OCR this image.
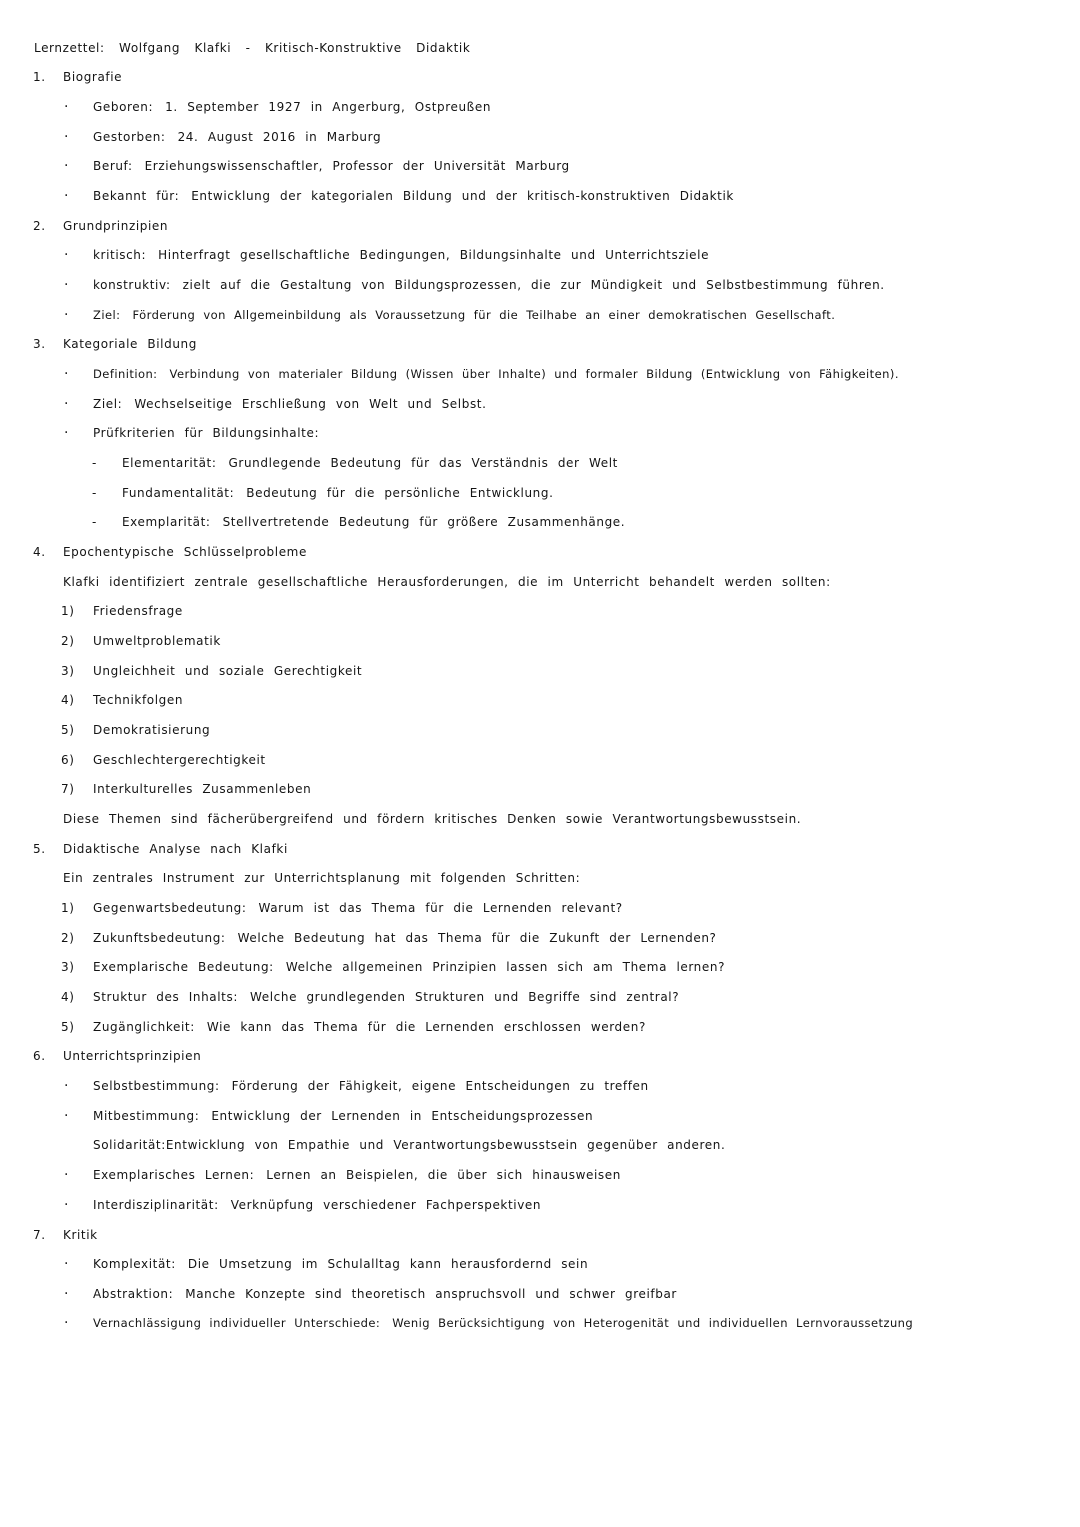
Lernzettel: Wolfgang Klafki - Kritisch-Konstruktive Didaktik
1. Biografie
· Geboren: 1. September 1927 in Angerburg, Ostpreußen
· Gestorben: 24. August 2016 in Marburg
· Beruf: Erziehungswissenschaftler, Professor der Universität Marburg
· Bekannt für: Entwicklung der kategorialen Bildung und der kritisch-konstruktiven Didaktik
2. Grundprinzipien
· kritisch: Hinterfragt gesellschaftliche Bedingungen, Bildungsinhalte und Unterrichtsziele
· konstruktiv: zielt auf die Gestaltung von Bildungsprozessen, die zur Mündigkeit und Selbstbestimmung führen.
· Ziel: Förderung von Allgemeinbildung als Voraussetzung für die Teilhabe an einer demokratischen Gesellschaft.
3. Kategoriale Bildung
· Definition: Verbindung von materialer Bildung (Wissen über Inhalte) und formaler Bildung (Entwicklung von Fähigkeiten).
· Ziel: Wechselseitige Erschließung von Welt und Selbst.
· Prüfkriterien für Bildungsinhalte:
- Elementarität: Grundlegende Bedeutung für das Verständnis der Welt
- Fundamentalität: Bedeutung für die persönliche Entwicklung.
- Exemplarität: Stellvertretende Bedeutung für größere Zusammenhänge.
4. Epochentypische Schlüsselprobleme
Klafki identifiziert zentrale gesellschaftliche Herausforderungen, die im Unterricht behandelt werden sollten:
1) Friedensfrage
2) Umweltproblematik
3) Ungleichheit und soziale Gerechtigkeit
4) Technikfolgen
5) Demokratisierung
6) Geschlechtergerechtigkeit
7) Interkulturelles Zusammenleben
Diese Themen sind fächerübergreifend und fördern kritisches Denken sowie Verantwortungsbewusstsein.
5. Didaktische Analyse nach Klafki
Ein zentrales Instrument zur Unterrichtsplanung mit folgenden Schritten:
1) Gegenwartsbedeutung: Warum ist das Thema für die Lernenden relevant?
2) Zukunftsbedeutung: Welche Bedeutung hat das Thema für die Zukunft der Lernenden?
3) Exemplarische Bedeutung: Welche allgemeinen Prinzipien lassen sich am Thema lernen?
4) Struktur des Inhalts: Welche grundlegenden Strukturen und Begriffe sind zentral?
5) Zugänglichkeit: Wie kann das Thema für die Lernenden erschlossen werden?
6. Unterrichtsprinzipien
· Selbstbestimmung: Förderung der Fähigkeit, eigene Entscheidungen zu treffen
· Mitbestimmung: Entwicklung der Lernenden in Entscheidungsprozessen
Solidarität:Entwicklung von Empathie und Verantwortungsbewusstsein gegenüber anderen.
· Exemplarisches Lernen: Lernen an Beispielen, die über sich hinausweisen
· Interdisziplinarität: Verknüpfung verschiedener Fachperspektiven
7. Kritik
· Komplexität: Die Umsetzung im Schulalltag kann herausfordernd sein
· Abstraktion: Manche Konzepte sind theoretisch anspruchsvoll und schwer greifbar
· Vernachlässigung individueller Unterschiede: Wenig Berücksichtigung von Heterogenität und individuellen Lernvoraussetzung
